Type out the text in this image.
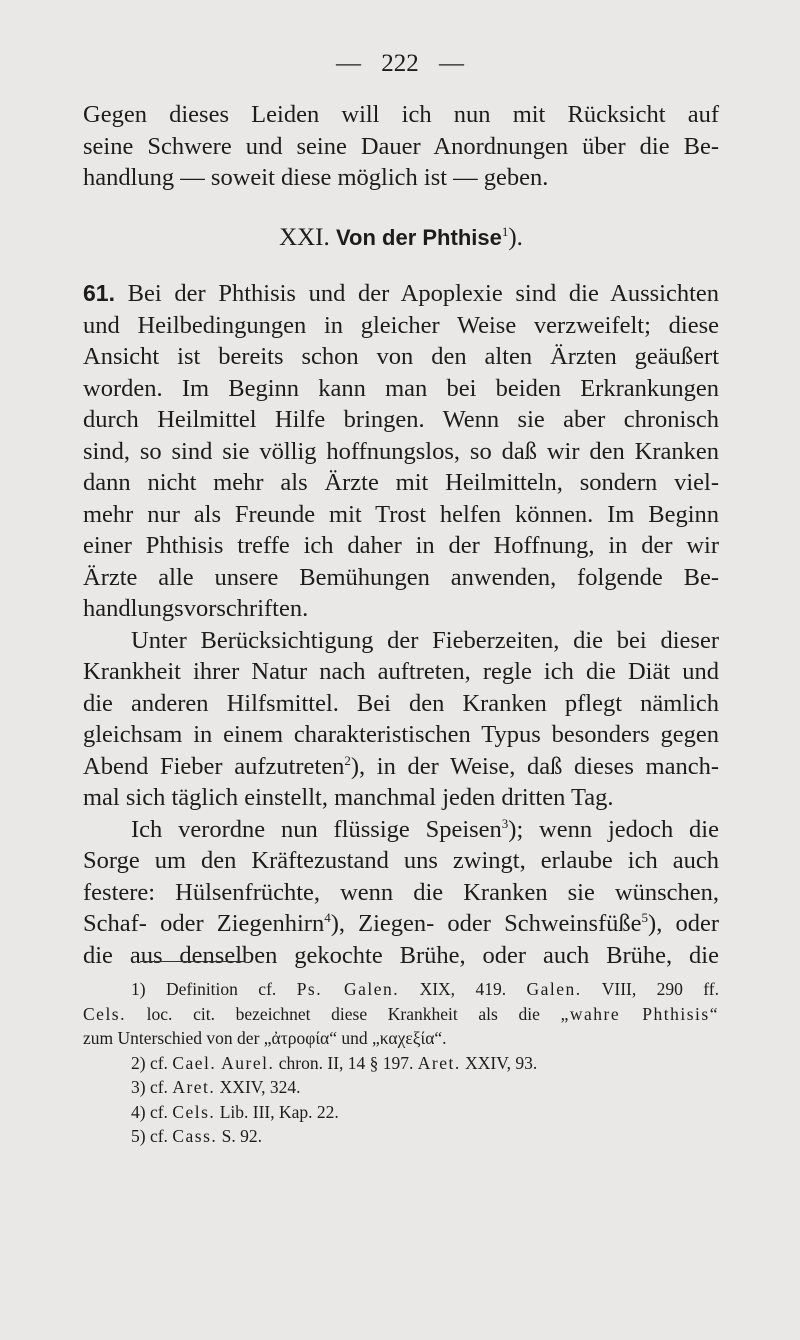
— 222 —
Gegen dieses Leiden will ich nun mit Rücksicht auf
seine Schwere und seine Dauer Anordnungen über die Be-
handlung — soweit diese möglich ist — geben.
XXI. Von der Phthise$^1$).
61. Bei der Phthisis und der Apoplexie sind die Aussichten
und Heilbedingungen in gleicher Weise verzweifelt; diese
Ansicht ist bereits schon von den alten Ärzten geäußert
worden. Im Beginn kann man bei beiden Erkrankungen
durch Heilmittel Hilfe bringen. Wenn sie aber chronisch
sind, so sind sie völlig hoffnungslos, so daß wir den Kranken
dann nicht mehr als Ärzte mit Heilmitteln, sondern viel-
mehr nur als Freunde mit Trost helfen können. Im Beginn
einer Phthisis treffe ich daher in der Hoffnung, in der wir
Ärzte alle unsere Bemühungen anwenden, folgende Be-
handlungsvorschriften.
Unter Berücksichtigung der Fieberzeiten, die bei dieser
Krankheit ihrer Natur nach auftreten, regle ich die Diät und
die anderen Hilfsmittel. Bei den Kranken pflegt nämlich
gleichsam in einem charakteristischen Typus besonders gegen
Abend Fieber aufzutreten$^2$), in der Weise, daß dieses manch-
mal sich täglich einstellt, manchmal jeden dritten Tag.
Ich verordne nun flüssige Speisen$^3$); wenn jedoch die
Sorge um den Kräftezustand uns zwingt, erlaube ich auch
festere: Hülsenfrüchte, wenn die Kranken sie wünschen,
Schaf- oder Ziegenhirn$^4$), Ziegen- oder Schweinsfüße$^5$), oder
die aus denselben gekochte Brühe, oder auch Brühe, die
1) Definition cf. Ps. Galen. XIX, 419. Galen. VIII, 290 ff.
Cels. loc. cit. bezeichnet diese Krankheit als die „wahre Phthisis“
zum Unterschied von der „ἀτροφία“ und „καχεξία“.
2) cf. Cael. Aurel. chron. II, 14 § 197. Aret. XXIV, 93.
3) cf. Aret. XXIV, 324.
4) cf. Cels. Lib. III, Kap. 22.
5) cf. Cass. S. 92.
